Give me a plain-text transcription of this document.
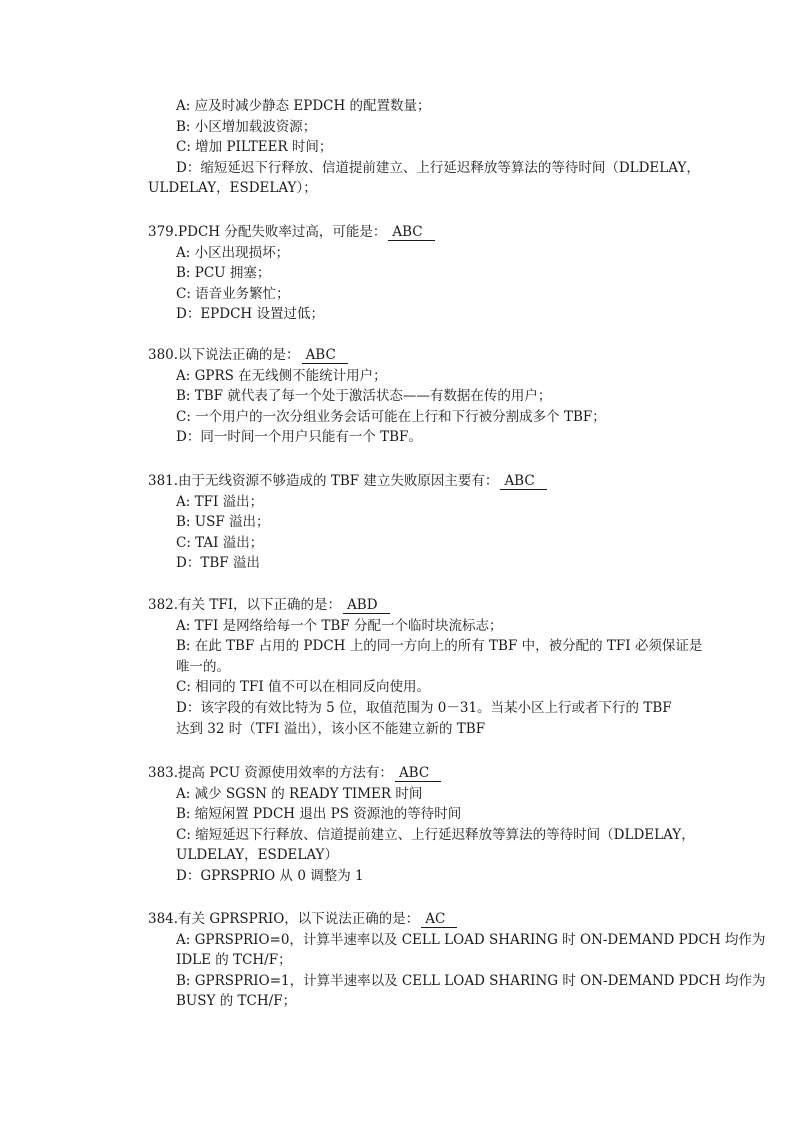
A: 应及时减少静态 EPDCH 的配置数量；
B: 小区增加载波资源；
C: 增加 PILTEER 时间；
D：缩短延迟下行释放、信道提前建立、上行延迟释放等算法的等待时间（DLDELAY，
ULDELAY，ESDELAY）；
379.PDCH 分配失败率过高，可能是： ABC
A: 小区出现损坏；
B: PCU 拥塞；
C: 语音业务繁忙；
D：EPDCH 设置过低；
380.以下说法正确的是： ABC
A: GPRS 在无线侧不能统计用户；
B: TBF 就代表了每一个处于激活状态——有数据在传的用户；
C: 一个用户的一次分组业务会话可能在上行和下行被分割成多个 TBF；
D：同一时间一个用户只能有一个 TBF。
381.由于无线资源不够造成的 TBF 建立失败原因主要有： ABC
A: TFI 溢出；
B: USF 溢出；
C: TAI 溢出；
D：TBF 溢出
382.有关 TFI，以下正确的是： ABD
A: TFI 是网络给每一个 TBF 分配一个临时块流标志；
B: 在此 TBF 占用的 PDCH 上的同一方向上的所有 TBF 中，被分配的 TFI 必须保证是
唯一的。
C: 相同的 TFI 值不可以在相同反向使用。
D：该字段的有效比特为 5 位，取值范围为 0－31。当某小区上行或者下行的 TBF
达到 32 时（TFI 溢出），该小区不能建立新的 TBF
383.提高 PCU 资源使用效率的方法有： ABC
A: 减少 SGSN 的 READY TIMER 时间
B: 缩短闲置 PDCH 退出 PS 资源池的等待时间
C: 缩短延迟下行释放、信道提前建立、上行延迟释放等算法的等待时间（DLDELAY，
ULDELAY，ESDELAY）
D：GPRSPRIO 从 0 调整为 1
384.有关 GPRSPRIO，以下说法正确的是： AC
A: GPRSPRIO=0，计算半速率以及 CELL LOAD SHARING 时 ON-DEMAND PDCH 均作为
IDLE 的 TCH/F；
B: GPRSPRIO=1，计算半速率以及 CELL LOAD SHARING 时 ON-DEMAND PDCH 均作为
BUSY 的 TCH/F；
